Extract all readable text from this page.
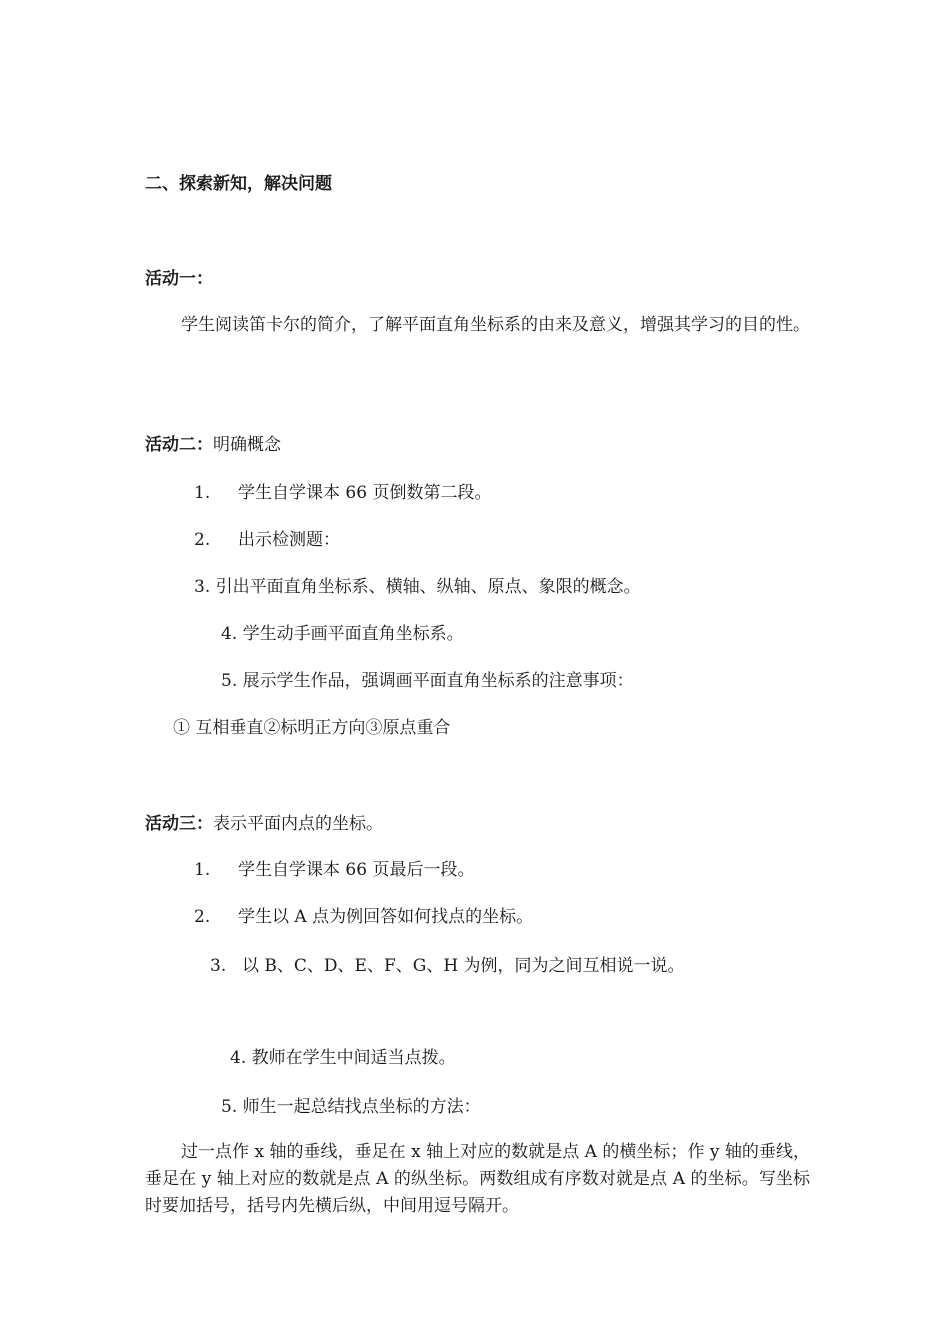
二、探索新知，解决问题
活动一：
学生阅读笛卡尔的简介，了解平面直角坐标系的由来及意义，增强其学习的目的性。
活动二：明确概念
1. 学生自学课本 66 页倒数第二段。
2. 出示检测题：
3. 引出平面直角坐标系、横轴、纵轴、原点、象限的概念。
4. 学生动手画平面直角坐标系。
5. 展示学生作品，强调画平面直角坐标系的注意事项：
① 互相垂直②标明正方向③原点重合
活动三：表示平面内点的坐标。
1. 学生自学课本 66 页最后一段。
2. 学生以 A 点为例回答如何找点的坐标。
3. 以 B、C、D、E、F、G、H 为例，同为之间互相说一说。
4. 教师在学生中间适当点拨。
5. 师生一起总结找点坐标的方法：
过一点作 x 轴的垂线，垂足在 x 轴上对应的数就是点 A 的横坐标；作 y 轴的垂线，垂足在 y 轴上对应的数就是点 A 的纵坐标。两数组成有序数对就是点 A 的坐标。写坐标时要加括号，括号内先横后纵，中间用逗号隔开。
